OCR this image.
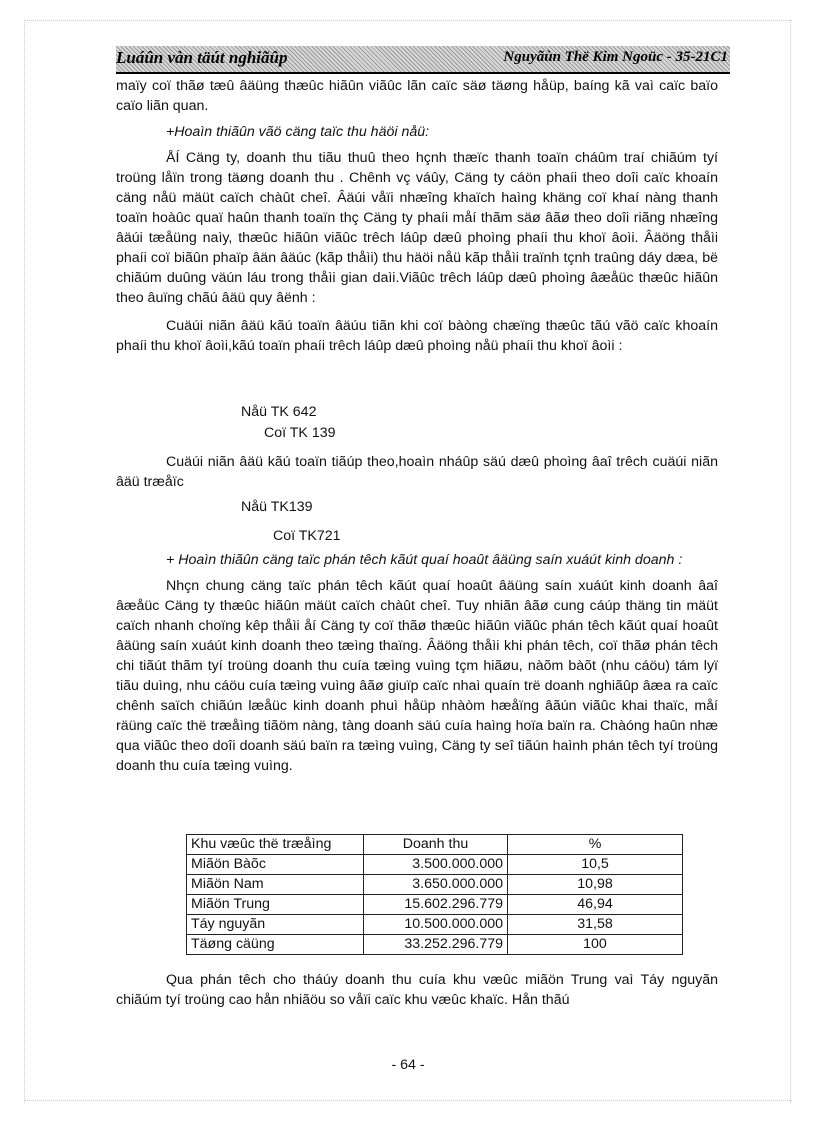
Luáûn vàn täút nghiãûp	Nguyãùn Thë Kim Ngoüc - 35-21C1

maïy coï thãø tæû âäüng thæûc hiãûn viãûc lãn caïc säø täøng håüp, baíng kã vaì caïc baïo caïo liãn quan.

+Hoaìn thiãûn vãö cäng taïc thu häöi nåü:

ÅÍ Cäng ty, doanh thu tiãu thuû theo hçnh thæïc thanh toaïn cháûm traí chiãúm tyí troüng låïn trong täøng doanh thu . Chênh vç váûy, Cäng ty cáön phaíi theo doîi caïc khoaín cäng nåü mäüt caïch chàût cheî. Âäúi våïi nhæîng khaïch haìng khäng coï khaí nàng thanh toaïn hoàûc quaï haûn thanh toaïn thç Cäng ty phaíi måí thãm säø âãø theo doîi riãng nhæîng âäúi tæåüng naìy, thæûc hiãûn viãûc trêch láûp dæû phoìng phaíi thu khoï âoìi. Âäöng thåìi phaíi coï biãûn phaïp âän âäúc (kãp thåìi) thu häöi nåü kãp thåìi traïnh tçnh traûng dáy dæa, bë chiãúm duûng väún láu trong thåìi gian daìi.Viãûc trêch láûp dæû phoìng âæåüc thæûc hiãûn theo âuïng chãú âäü quy âënh :

Cuäúi niãn âäü kãú toaïn âäúu tiãn khi coï bàòng chæïng thæûc tãú vãö caïc khoaín phaíi thu khoï âoìi,kãú toaïn phaíi trêch láûp dæû phoìng nåü phaíi thu khoï âoìi :

Nåü TK 642
Coï TK 139

Cuäúi niãn âäü kãú toaïn tiãúp theo,hoaìn nháûp säú dæû phoìng âaî trêch cuäúi niãn âäü træåïc

Nåü TK139
Coï TK721

+ Hoaìn thiãûn cäng taïc phán têch kãút quaí hoaût âäüng saín xuáút kinh doanh :

Nhçn chung cäng taïc phán têch kãút quaí hoaût âäüng saín xuáút kinh doanh âaî âæåüc Cäng ty thæûc hiãûn mäüt caïch chàût cheî. Tuy nhiãn âãø cung cáúp thäng tin mäüt caïch nhanh choïng kêp thåìi åí Cäng ty coï thãø thæûc hiãûn viãûc phán têch kãút quaí hoaût âäüng saín xuáút kinh doanh theo tæìng thaïng. Âäöng thåìi khi phán têch, coï thãø phán têch chi tiãút thãm tyí troüng doanh thu cuía tæìng vuìng tçm hiãøu, nàõm bàõt (nhu cáöu) tám lyï tiãu duìng, nhu cáöu cuía tæìng vuìng âãø giuïp caïc nhaì quaín trë doanh nghiãûp âæa ra caïc chênh saïch chiãún læåüc kinh doanh phuì håüp nhàòm hæåïng âãún viãûc khai thaïc, måí räüng caïc thë træåìng tiãöm nàng, tàng doanh säú cuía haìng hoïa baïn ra. Chàóng haûn nhæ qua viãûc theo doîi doanh säú baïn ra tæìng vuìng, Cäng ty seî tiãún haình phán têch tyí troüng doanh thu cuía tæìng vuìng.

Khu væûc thë træåìng	Doanh thu	%
Miãön Bàõc	3.500.000.000	10,5
Miãön Nam	3.650.000.000	10,98
Miãön Trung	15.602.296.779	46,94
Táy nguyãn	10.500.000.000	31,58
Täøng cäüng	33.252.296.779	100

Qua phán têch cho tháúy doanh thu cuía khu væûc miãön Trung vaì Táy nguyãn chiãúm tyí troüng cao hån nhiãöu so våïi caïc khu væûc khaïc. Hån thãú

- 64 -
